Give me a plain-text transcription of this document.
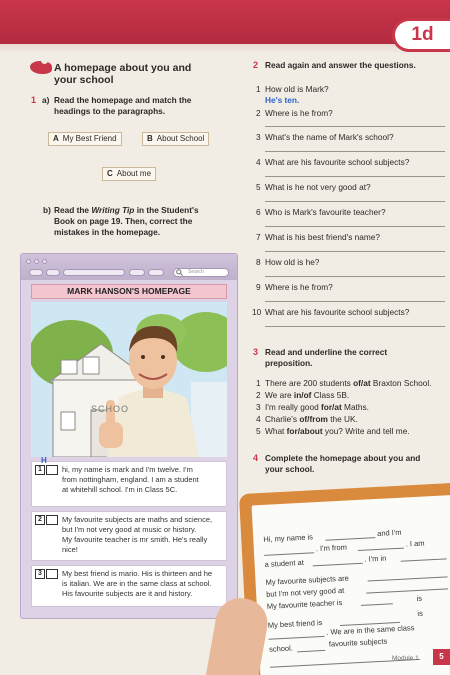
1d
A homepage about you and
your school
1 a) Read the homepage and match the
headings to the paragraphs.
A My Best Friend	B About School
C About me
b) Read the Writing Tip in the Student's
Book on page 19. Then, correct the
mistakes in the homepage.
Search
MARK HANSON'S HOMEPAGE
SCHOO
1	hi, my name is mark and I'm twelve. I'm
from nottingham, england. I am a student
at whitehill school. I'm in Class 5C.
2	My favourite subjects are maths and science,
but I'm not very good at music or history.
My favourite teacher is mr smith. He's really
nice!
3	My best friend is mario. His is thirteen and he
is italian. We are in the same class at school.
His favourite subjects are it and history.
H
2 Read again and answer the questions.
1 How old is Mark?
He's ten.
2 Where is he from?
3 What's the name of Mark's school?
4 What are his favourite school subjects?
5 What is he not very good at?
6 Who is Mark's favourite teacher?
7 What is his best friend's name?
8 How old is he?
9 Where is he from?
10 What are his favourite school subjects?
3 Read and underline the correct
preposition.
1 There are 200 students of/at Braxton School.
2 We are in/of Class 5B.
3 I'm really good for/at Maths.
4 Charlie's of/from the UK.
5 What for/about you? Write and tell me.
4 Complete the homepage about you and
your school.
Hi, my name is	and I'm
. I'm from	. I am
a student at	. I'm in
My favourite subjects are
but I'm not very good at
My favourite teacher is	is
My best friend is
is
. We are in the same class
school.
favourite subjects
Module 1	5
